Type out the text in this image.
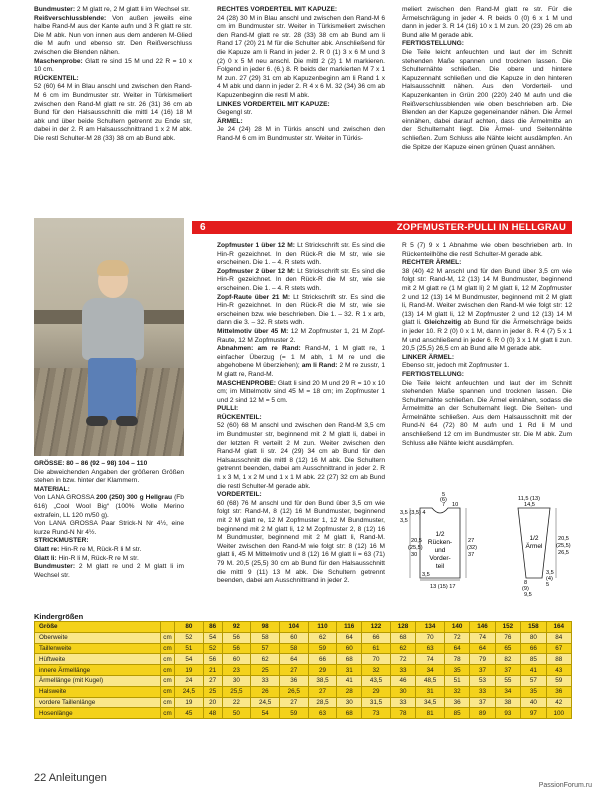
Bundmuster: 2 M glatt re, 2 M glatt li im Wechsel str.

Reißverschlussblende: Von außen jeweils eine halbe Rand-M aus der Kante aufn und 3 R glatt re str. Die M abk. Nun von innen aus dem anderen M-Glied die M aufn und ebenso str. Den Reißverschluss zwischen die Blenden nähen.

Maschenprobe: Glatt re sind 15 M und 22 R = 10 x 10 cm.

RÜCKENTEIL:

52 (60) 64 M in Blau anschl und zwischen den Rand-M 6 cm im Bundmuster str. Weiter in Türkismeliert zwischen den Rand-M glatt re str. 26 (31) 36 cm ab Bund für den Halsausschnitt die mittl 14 (16) 18 M abk und über beide Schultern getrennt zu Ende str, dabei in der 2. R am Halsausschnittrand 1 x 2 M abk. Die restl Schulter-M 28 (33) 38 cm ab Bund abk.

RECHTES VORDERTEIL MIT KAPUZE:

24 (28) 30 M in Blau anschl und zwischen den Rand-M 6 cm im Bundmuster str. Weiter in Türkismeliert zwischen den Rand-M glatt re str. 28 (33) 38 cm ab Bund am li Rand 17 (20) 21 M für die Schulter abk. Anschließend für die Kapuze am li Rand in jeder 2. R 0 (1) 3 x 6 M und 3 (2) 0 x 5 M neu anschl. Die mittl 2 (2) 1 M markieren. Folgend in jeder 6. (6.) 8. R beids der markierten M 7 x 1 M zun. 27 (29) 31 cm ab Kapuzenbeginn am li Rand 1 x 4 M abk und dann in jeder 2. R 4 x 6 M. 32 (34) 36 cm ab Kapuzenbeginn die restl M abk.

LINKES VORDERTEIL MIT KAPUZE:

Gegengl str.

ÄRMEL:

Je 24 (24) 28 M in Türkis anschl und zwischen den Rand-M 6 cm im Bundmuster str. Weiter in Türkis-

meliert zwischen den Rand-M glatt re str. Für die Ärmelschrägung in jeder 4. R beids 0 (0) 6 x 1 M und dann in jeder 3. R 14 (16) 10 x 1 M zun. 20 (23) 26 cm ab Bund alle M gerade abk.

FERTIGSTELLUNG:

Die Teile leicht anfeuchten und laut der im Schnitt stehenden Maße spannen und trocknen lassen. Die Schulternähte schließen. Die obere und hintere Kapuzennaht schließen und die Kapuze in den hinteren Halsausschnitt nähen. Aus den Vorderteil- und Kapuzenkanten in Grün 200 (220) 240 M aufn und die Reißverschlussblenden wie oben beschrieben arb. Die Blenden an der Kapuze gegeneinander nähen. Die Ärmel einnähen, dabei darauf achten, dass die Ärmelmitte an der Schulternaht liegt. Die Ärmel- und Seitennähte schließen. Zum Schluss alle Nähte leicht ausdämpfen. An die Spitze der Kapuze einen grünen Quast annähen.

6	ZOPFMUSTER-PULLI IN HELLGRAU

GRÖSSE: 80 – 86 (92 – 98) 104 – 110

Die abweichenden Angaben der größeren Größen stehen in bzw. hinter der Klammern.

MATERIAL:

Von LANA GROSSA 200 (250) 300 g Hellgrau (Fb 616) „Cool Wool Big“ (100% Wolle Merino extrafein, LL 120 m/50 g).

Von LANA GROSSA Paar Strick-N Nr 4½, eine kurze Rund-N Nr 4½.

STRICKMUSTER:

Glatt re: Hin-R re M, Rück-R li M str.

Glatt li: Hin-R li M, Rück-R re M str.

Bundmuster: 2 M glatt re und 2 M glatt li im Wechsel str.

Zopfmuster 1 über 12 M: Lt Strickschrift str. Es sind die Hin-R gezeichnet. In den Rück-R die M str, wie sie erscheinen. Die 1. – 4. R stets wdh.

Zopfmuster 2 über 12 M: Lt Strickschrift str. Es sind die Hin-R gezeichnet. In den Rück-R die M str, wie sie erscheinen. Die 1. – 4. R stets wdh.

Zopf-Raute über 21 M: Lt Strickschrift str. Es sind die Hin-R gezeichnet. In den Rück-R die M str, wie sie erscheinen bzw. wie beschrieben. Die 1. – 32. R 1 x arb, dann die 3. – 32. R stets wdh.

Mittelmotiv über 45 M: 12 M Zopfmuster 1, 21 M Zopf-Raute, 12 M Zopfmuster 2.

Abnahmen: am re Rand: Rand-M, 1 M glatt re, 1 einfacher Überzug (= 1 M abh, 1 M re und die abgehobene M überziehen); am li Rand: 2 M re zusstr, 1 M glatt re, Rand-M.

MASCHENPROBE: Glatt li sind 20 M und 29 R = 10 x 10 cm; im Mittelmotiv sind 45 M = 18 cm; im Zopfmuster 1 und 2 sind 12 M = 5 cm.

PULLI:

RÜCKENTEIL:

52 (60) 68 M anschl und zwischen den Rand-M 3,5 cm im Bundmuster str, beginnend mit 2 M glatt li, dabei in der letzten R verteilt 2 M zun. Weiter zwischen den Rand-M glatt li str. 24 (29) 34 cm ab Bund für den Halsausschnitt die mittl 8 (12) 16 M abk. Die Schultern getrennt beenden, dabei am Ausschnittrand in jeder 2. R 1 x 3 M, 1 x 2 M und 1 x 1 M abk. 22 (27) 32 cm ab Bund die restl Schulter-M gerade abk.

VORDERTEIL:

60 (68) 76 M anschl und für den Bund über 3,5 cm wie folgt str: Rand-M, 8 (12) 16 M Bundmuster, beginnend mit 2 M glatt re, 12 M Zopfmuster 1, 12 M Bundmuster, beginnend mit 2 M glatt li, 12 M Zopfmuster 2, 8 (12) 16 M Bundmuster, beginnend mit 2 M glatt li, Rand-M. Weiter zwischen den Rand-M wie folgt str: 8 (12) 16 M glatt li, 45 M Mittelmotiv und 8 (12) 16 M glatt li = 63 (71) 79 M. 20,5 (25,5) 30 cm ab Bund für den Halsausschnitt die mittl 9 (11) 13 M abk. Die Schultern getrennt beenden, dabei am Ausschnittrand in jeder 2.

R 5 (7) 9 x 1 Abnahme wie oben beschrieben arb. In Rückenteilhöhe die restl Schulter-M gerade abk.

RECHTER ÄRMEL:

38 (40) 42 M anschl und für den Bund über 3,5 cm wie folgt str: Rand-M, 12 (13) 14 M Bundmuster, beginnend mit 2 M glatt re (1 M glatt li) 2 M glatt li, 12 M Zopfmuster 2 und 12 (13) 14 M Bundmuster, beginnend mit 2 M glatt li, Rand-M. Weiter zwischen den Rand-M wie folgt str: 12 (13) 14 M glatt li, 12 M Zopfmuster 2 und 12 (13) 14 M glatt li. Gleichzeitig ab Bund für die Ärmelschräge beids in jeder 10. R 2 (0) 0 x 1 M, dann in jeder 8. R 4 (7) 5 x 1 M und anschließend in jeder 6. R 0 (0) 3 x 1 M glatt li zun. 20,5 (25,5) 26,5 cm ab Bund alle M gerade abk.

LINKER ÄRMEL:

Ebenso str, jedoch mit Zopfmuster 1.

FERTIGSTELLUNG:

Die Teile leicht anfeuchten und laut der im Schnitt stehenden Maße spannen und trocknen lassen. Die Schulternähte schließen. Die Ärmel einnähen, sodass die Ärmelmitte an der Schulternaht liegt. Die Seiten- und Ärmelnähte schließen. Aus dem Halsausschnitt mit der Rund-N 64 (72) 80 M aufn und 1 Rd li M und anschließend 12 cm im Bundmuster str. Die M abk. Zum Schluss alle Nähte leicht ausdämpfen.

1/2
Rücken-
und
Vorder-
teil
1/2
Ärmel
5
(6)
7 10
3,5 (3,5) 4
3,5
20,5
(25,5)
30
27
(32)
37
3,5
13 (15) 17
11,5 (13)
14,5
20,5
(25,5)
26,5
8
(9)
9,5
3,5
(4)
5
Kindergrößen
Größe		80	86	92	98	104	110	116	122	128	134	140	146	152	158	164
Oberweite	cm	52	54	56	58	60	62	64	66	68	70	72	74	76	80	84
Taillenweite	cm	51	52	56	57	58	59	60	61	62	63	64	64	65	66	67
Hüftweite	cm	54	56	60	62	64	66	68	70	72	74	78	79	82	85	88
innere Ärmellänge	cm	19	21	23	25	27	29	31	32	33	34	35	37	37	41	43
Ärmellänge (mit Kugel)	cm	24	27	30	33	36	38,5	41	43,5	46	48,5	51	53	55	57	59
Halsweite	cm	24,5	25	25,5	26	26,5	27	28	29	30	31	32	33	34	35	36
vordere Taillenlänge	cm	19	20	22	24,5	27	28,5	30	31,5	33	34,5	36	37	38	40	42
Hosenlänge	cm	45	48	50	54	59	63	68	73	78	81	85	89	93	97	100
22 Anleitungen
PassionForum.ru
